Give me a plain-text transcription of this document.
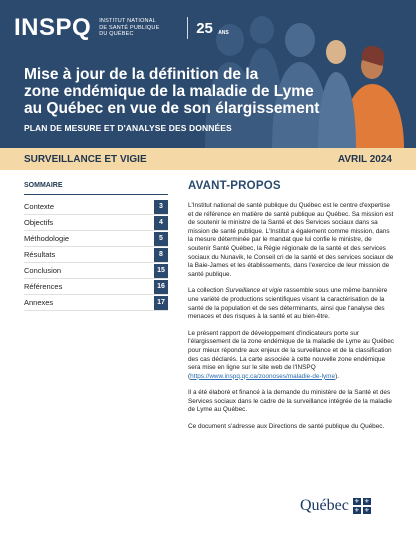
INSPQ INSTITUT NATIONAL
DE SANTÉ PUBLIQUE
DU QUÉBEC	25 ANS
Mise à jour de la définition de la
zone endémique de la maladie de Lyme
au Québec en vue de son élargissement
PLAN DE MESURE ET D'ANALYSE DES DONNÉES
SURVEILLANCE ET VIGIE	AVRIL 2024
SOMMAIRE
Contexte	3
Objectifs	4
Méthodologie	5
Résultats	8
Conclusion	15
Références	16
Annexes	17
AVANT-PROPOS

L'Institut national de santé publique du Québec est le centre d'expertise et de référence en matière de santé publique au Québec. Sa mission est de soutenir le ministre de la Santé et des Services sociaux dans sa mission de santé publique. L'Institut a également comme mission, dans la mesure déterminée par le mandat que lui confie le ministre, de soutenir Santé Québec, la Régie régionale de la santé et des services sociaux du Nunavik, le Conseil cri de la santé et des services sociaux de la Baie-James et les établissements, dans l'exercice de leur mission de santé publique.

La collection Surveillance et vigie rassemble sous une même bannière une variété de productions scientifiques visant la caractérisation de la santé de la population et de ses déterminants, ainsi que l'analyse des menaces et des risques à la santé et au bien-être.

Le présent rapport de développement d'indicateurs porte sur l'élargissement de la zone endémique de la maladie de Lyme au Québec pour mieux répondre aux enjeux de la surveillance et de la classification des cas déclarés. La carte associée à cette nouvelle zone endémique sera mise en ligne sur le site web de l'INSPQ (https://www.inspq.qc.ca/zoonoses/maladie-de-lyme).

Il a été élaboré et financé à la demande du ministère de la Santé et des Services sociaux dans le cadre de la surveillance intégrée de la maladie de Lyme au Québec.

Ce document s'adresse aux Directions de santé publique du Québec.

Québec ⚜ ⚜
⚜ ⚜
